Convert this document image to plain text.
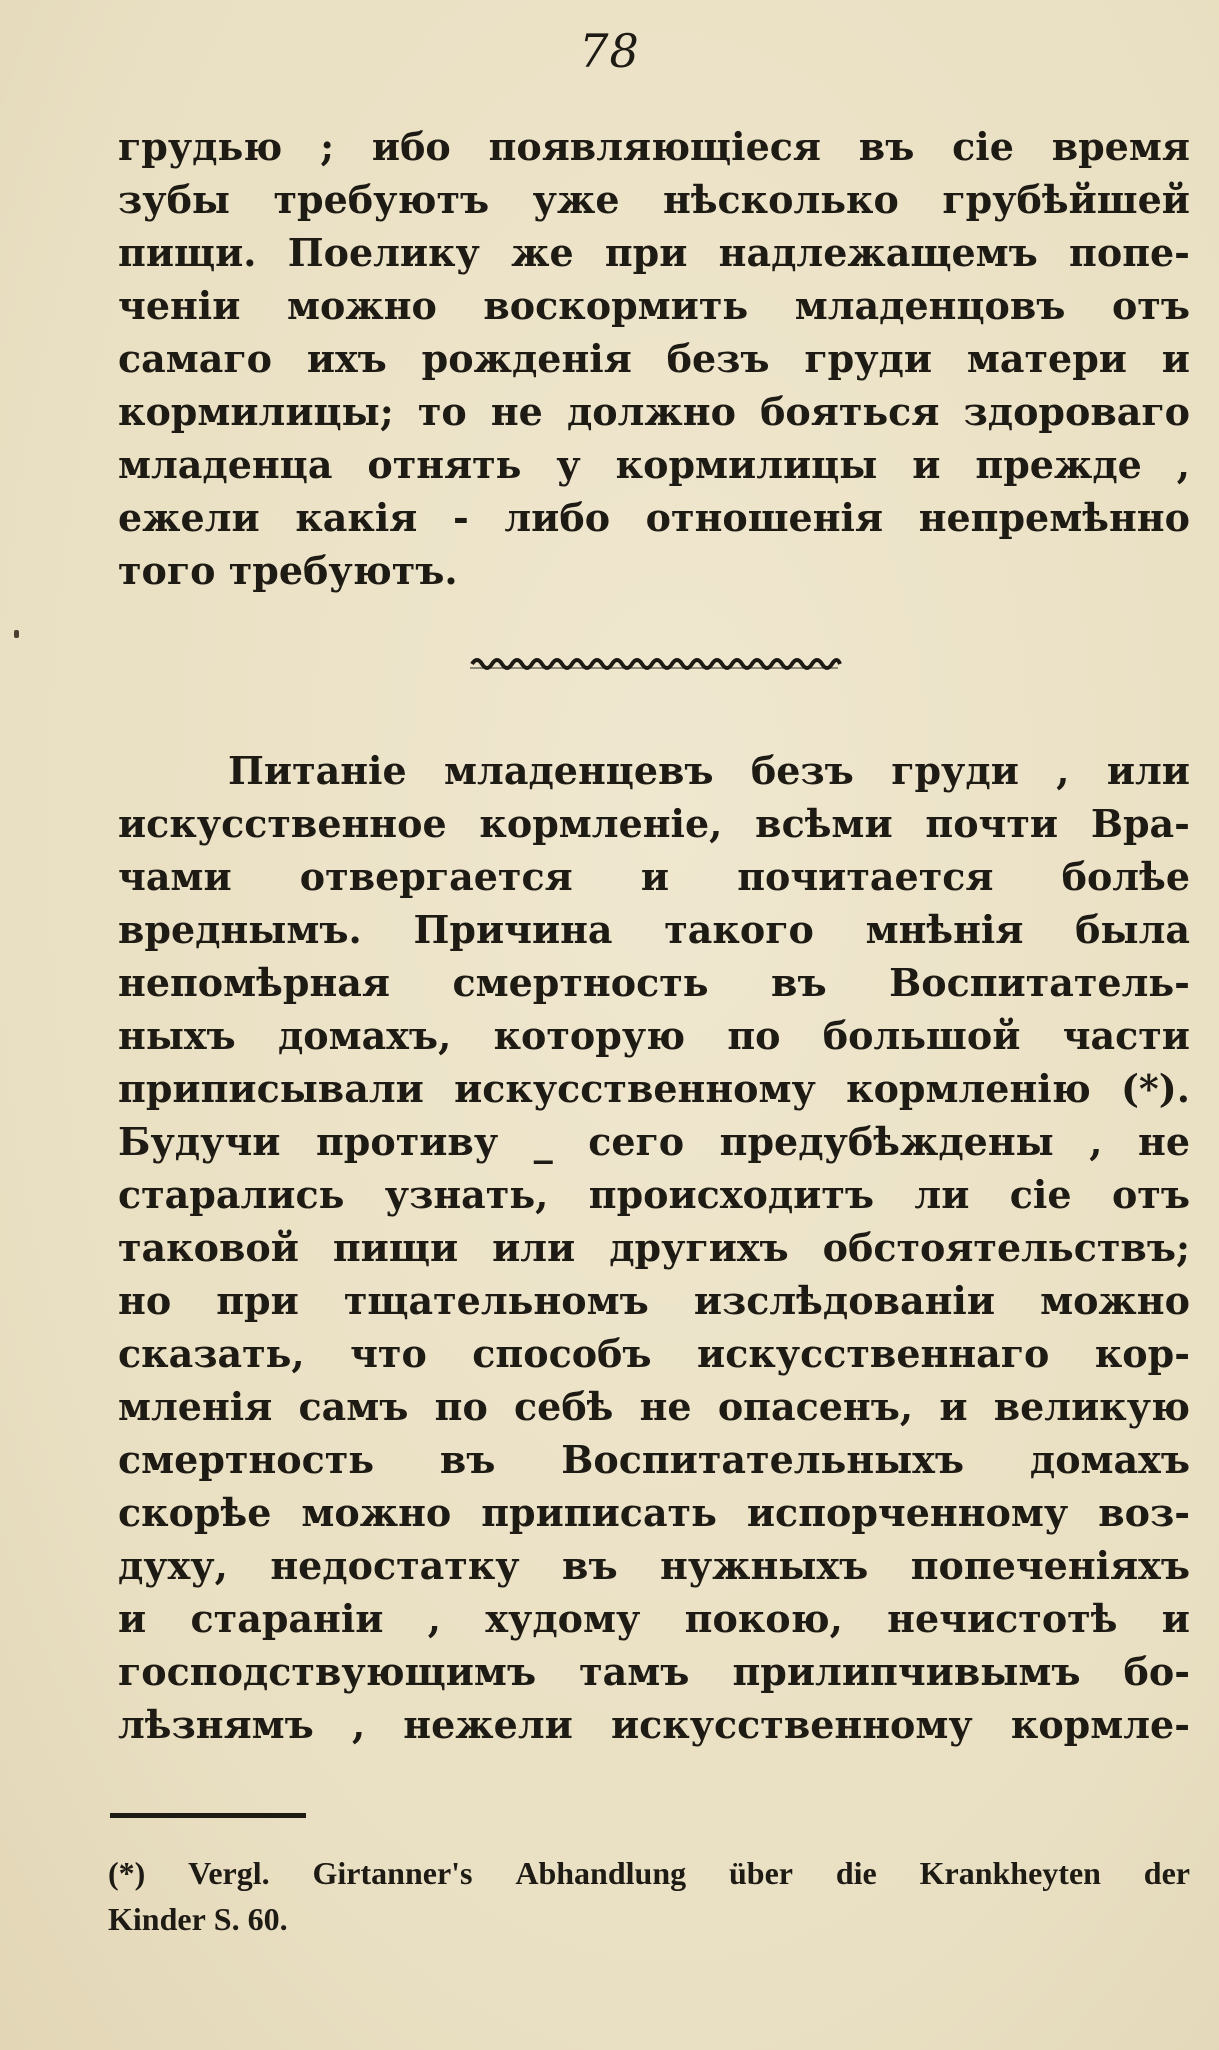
78
грудью ; ибо появляющіеся въ сіе время
зубы требуютъ уже нѣсколько грубѣйшей
пищи. Поелику же при надлежащемъ попе-
ченіи можно воскормить младенцовъ отъ
самаго ихъ рожденія безъ груди матери и
кормилицы; то не должно бояться здороваго
младенца отнять у кормилицы и прежде ,
ежели какія - либо отношенія непремѣнно
того требуютъ.
Питаніе младенцевъ безъ груди , или
искусственное кормленіе, всѣми почти Вра-
чами отвергается и почитается болѣе
вреднымъ. Причина такого мнѣнія была
непомѣрная смертность въ Воспитатель-
ныхъ домахъ, которую по большой части
приписывали искусственному кормленію (*).
Будучи противу _ сего предубѣждены , не
старались узнать, происходитъ ли сіе отъ
таковой пищи или другихъ обстоятельствъ;
но при тщательномъ изслѣдованіи можно
сказать, что способъ искусственнаго кор-
мленія самъ по себѣ не опасенъ, и великую
смертность въ Воспитательныхъ домахъ
скорѣе можно приписать испорченному воз-
духу, недостатку въ нужныхъ попеченіяхъ
и стараніи , худому покою, нечистотѣ и
господствующимъ тамъ прилипчивымъ бо-
лѣзнямъ , нежели искусственному кормле-
(*) Vergl. Girtanner's Abhandlung über die Krankheyten der
Kinder S. 60.
